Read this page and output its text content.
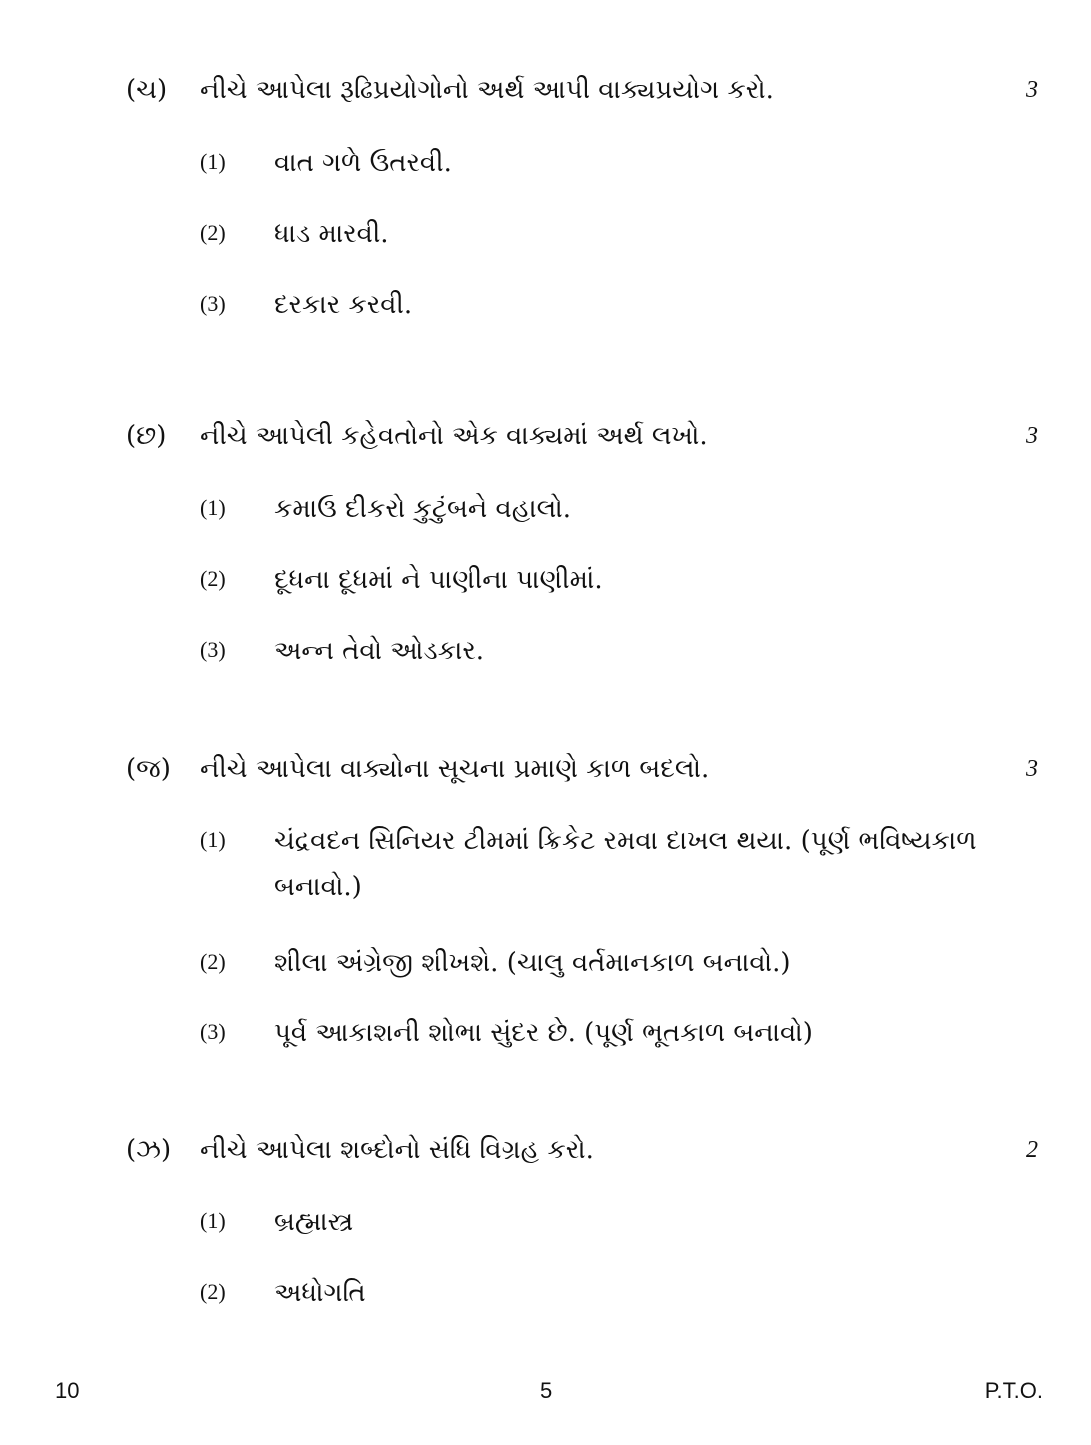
(ચ) નીચે આપેલા રૂઢિપ્રયોગોનો અર્થ આપી વાક્યપ્રયોગ કરો.	3
(1) વાત ગળે ઉતરવી.
(2) ધાડ મારવી.
(3) દરકાર કરવી.
(છ) નીચે આપેલી કહેવતોનો એક વાક્યમાં અર્થ લખો.	3
(1) કમાઉ દીકરો કુટુંબને વહાલો.
(2) દૂધના દૂધમાં ને પાણીના પાણીમાં.
(3) અન્ન તેવો ઓડકાર.
(જ) નીચે આપેલા વાક્યોના સૂચના પ્રમાણે કાળ બદલો.	3
(1) ચંદ્રવદન સિનિયર ટીમમાં ક્રિકેટ રમવા દાખલ થયા. (પૂર્ણ ભવિષ્યકાળ બનાવો.)
(2) શીલા અંગ્રેજી શીખશે. (ચાલુ વર્તમાનકાળ બનાવો.)
(3) પૂર્વ આકાશની શોભા સુંદર છે. (પૂર્ણ ભૂતકાળ બનાવો)
(ઝ) નીચે આપેલા શબ્દોનો સંધિ વિગ્રહ કરો.	2
(1) બ્રહ્માસ્ત્ર
(2) અધોગતિ
10	5	P.T.O.
